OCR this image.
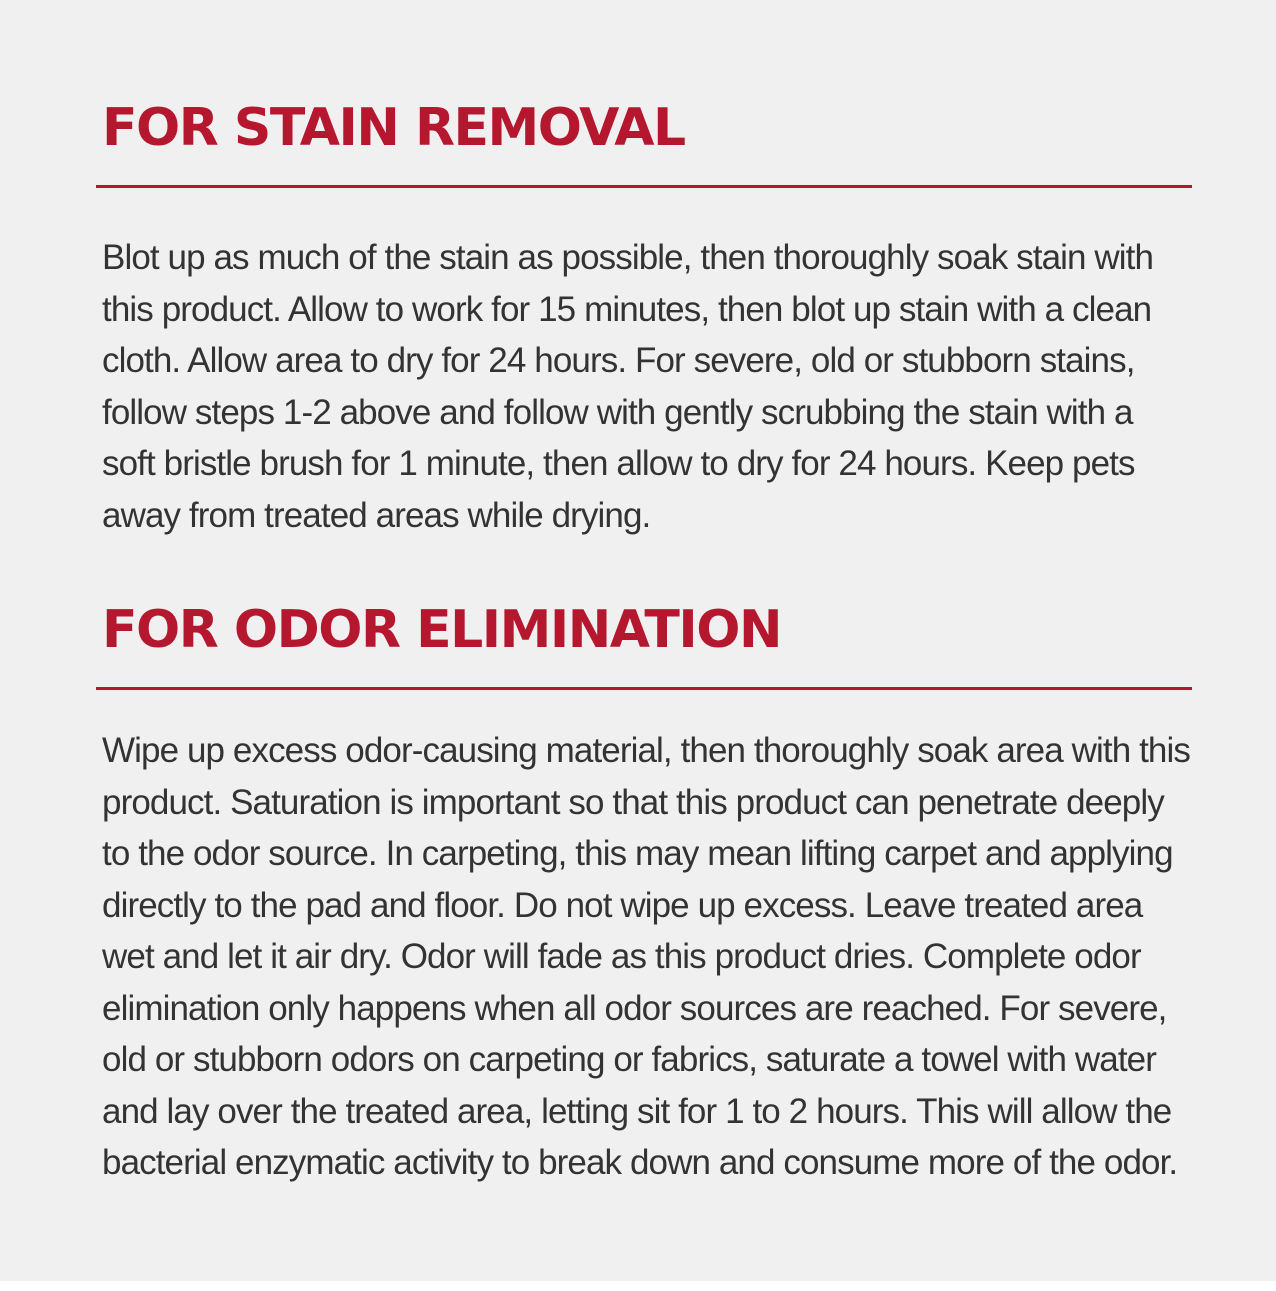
FOR STAIN REMOVAL

Blot up as much of the stain as possible, then thoroughly soak stain with this product. Allow to work for 15 minutes, then blot up stain with a clean cloth. Allow area to dry for 24 hours. For severe, old or stubborn stains, follow steps 1-2 above and follow with gently scrubbing the stain with a soft bristle brush for 1 minute, then allow to dry for 24 hours. Keep pets away from treated areas while drying.

FOR ODOR ELIMINATION

Wipe up excess odor-causing material, then thoroughly soak area with this product. Saturation is important so that this product can penetrate deeply to the odor source. In carpeting, this may mean lifting carpet and applying directly to the pad and floor. Do not wipe up excess. Leave treated area wet and let it air dry. Odor will fade as this product dries. Complete odor elimination only happens when all odor sources are reached. For severe, old or stubborn odors on carpeting or fabrics, saturate a towel with water and lay over the treated area, letting sit for 1 to 2 hours. This will allow the bacterial enzymatic activity to break down and consume more of the odor.
